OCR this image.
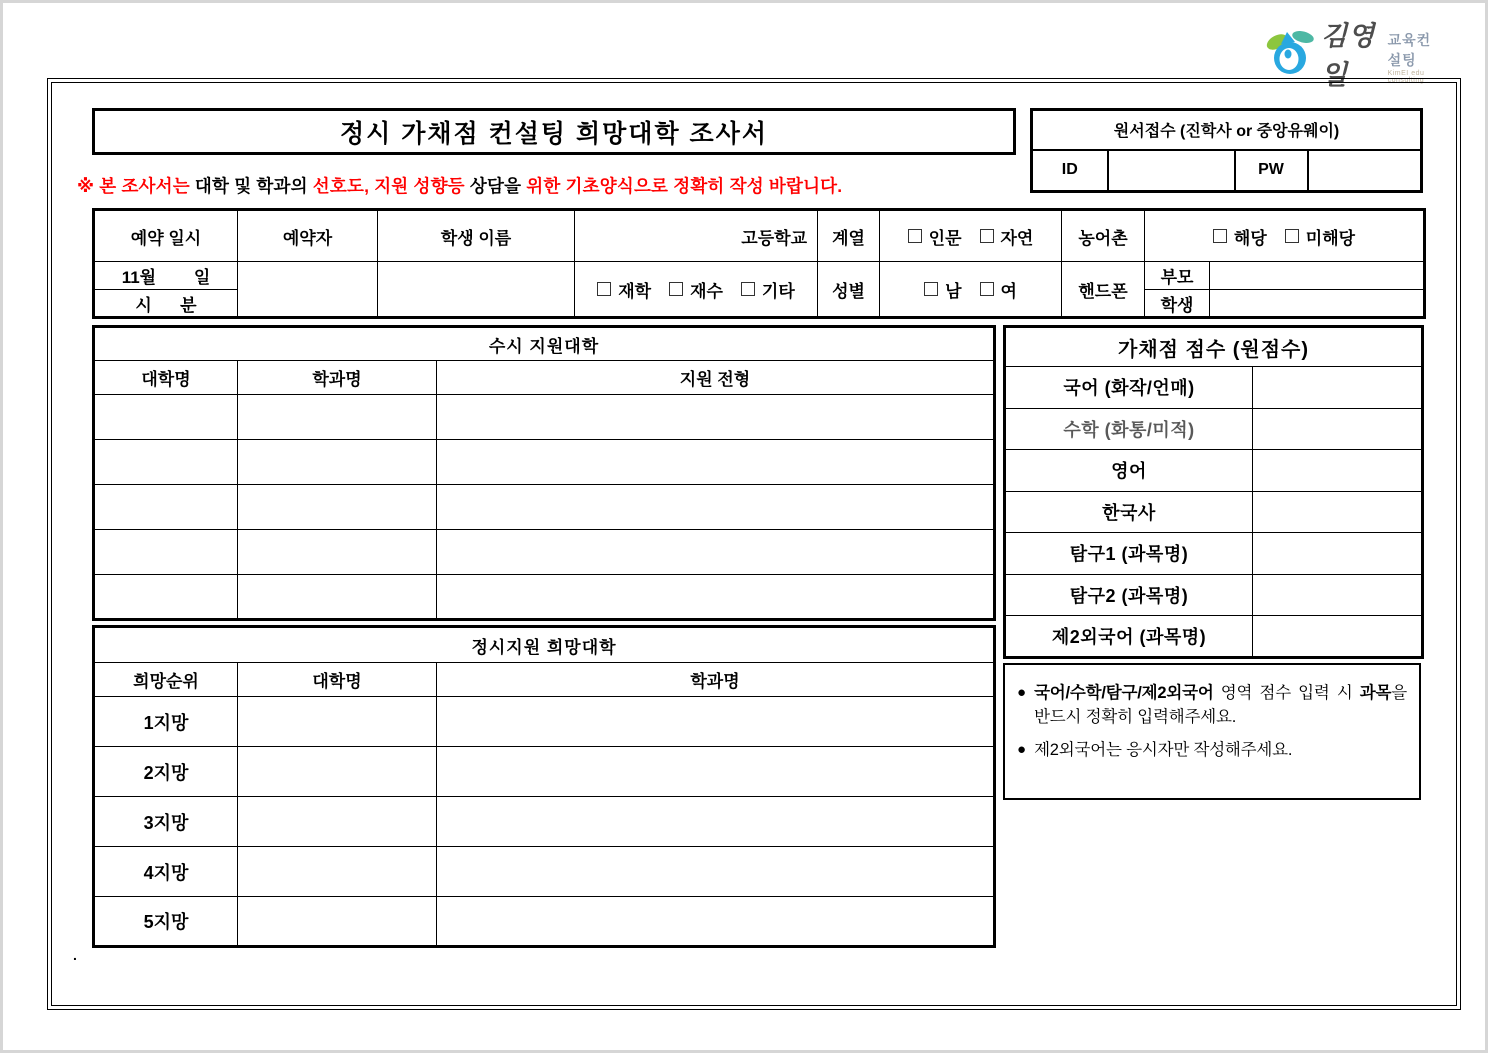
김영일
교육컨설팅
KimEI edu consulting
정시 가채점 컨설팅 희망대학 조사서	원서접수 (진학사 or 중앙유웨이)
ID		PW	
※ 본 조사서는 대학 및 학과의 선호도, 지원 성향등 상담을 위한 기초양식으로 정확히 작성 바랍니다.
예약 일시	예약자	학생 이름	고등학교	계열	인문 자연	농어촌	해당 미해당	

11월        일			재학 재수 기타	성별	남 여	핸드폰	부모	
시      분							학생	
수시 지원대학		
대학명	학과명	지원 전형

정시지원 희망대학		
희망순위	대학명	학과명
1지망		
2지망		
3지망		
4지망		
5지망		
가채점 점수 (원점수)	
국어 (화작/언매)	
수학 (화통/미적)	
영어	
한국사	
탐구1 (과목명)	
탐구2 (과목명)	
제2외국어 (과목명)	
● 국어/수학/탐구/제2외국어 영역 점수 입력 시 과목을 반드시 정확히 입력해주세요.
● 제2외국어는 응시자만 작성해주세요.
.
